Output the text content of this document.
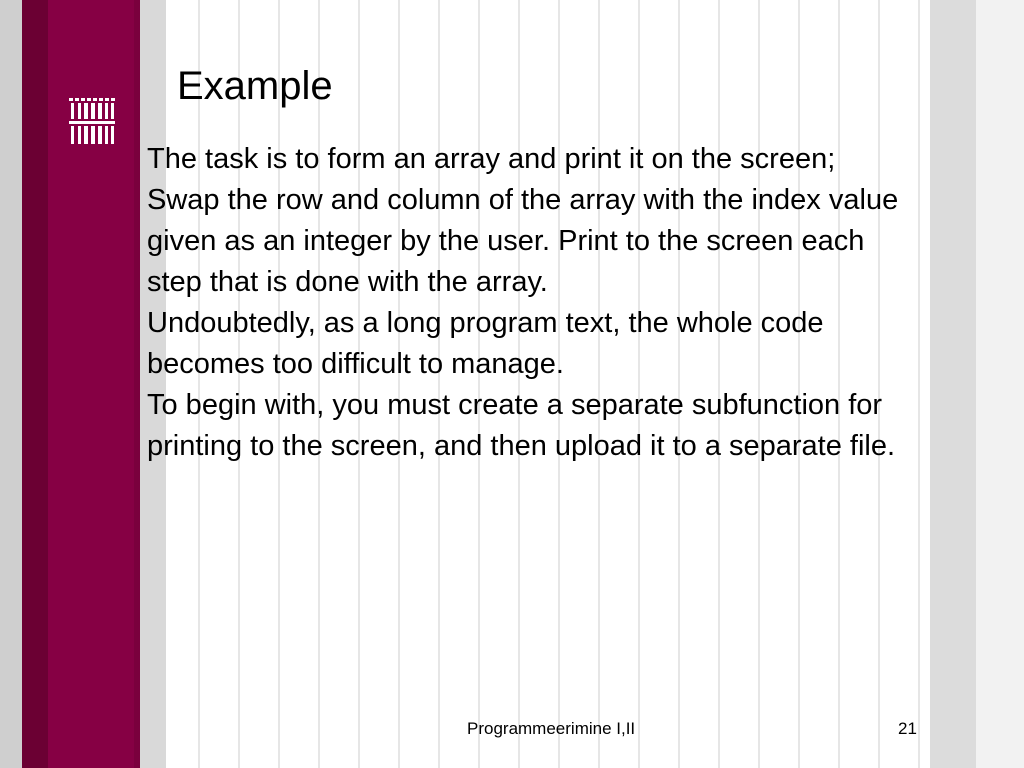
Example

The task is to form an array and print it on the screen;

Swap the row and column of the array with the index value given as an integer by the user. Print to the screen each step that is done with the array.

Undoubtedly, as a long program text, the whole code becomes too difficult to manage.

To begin with, you must create a separate subfunction for printing to the screen, and then upload it to a separate file.

Programmeerimine I,II	21
